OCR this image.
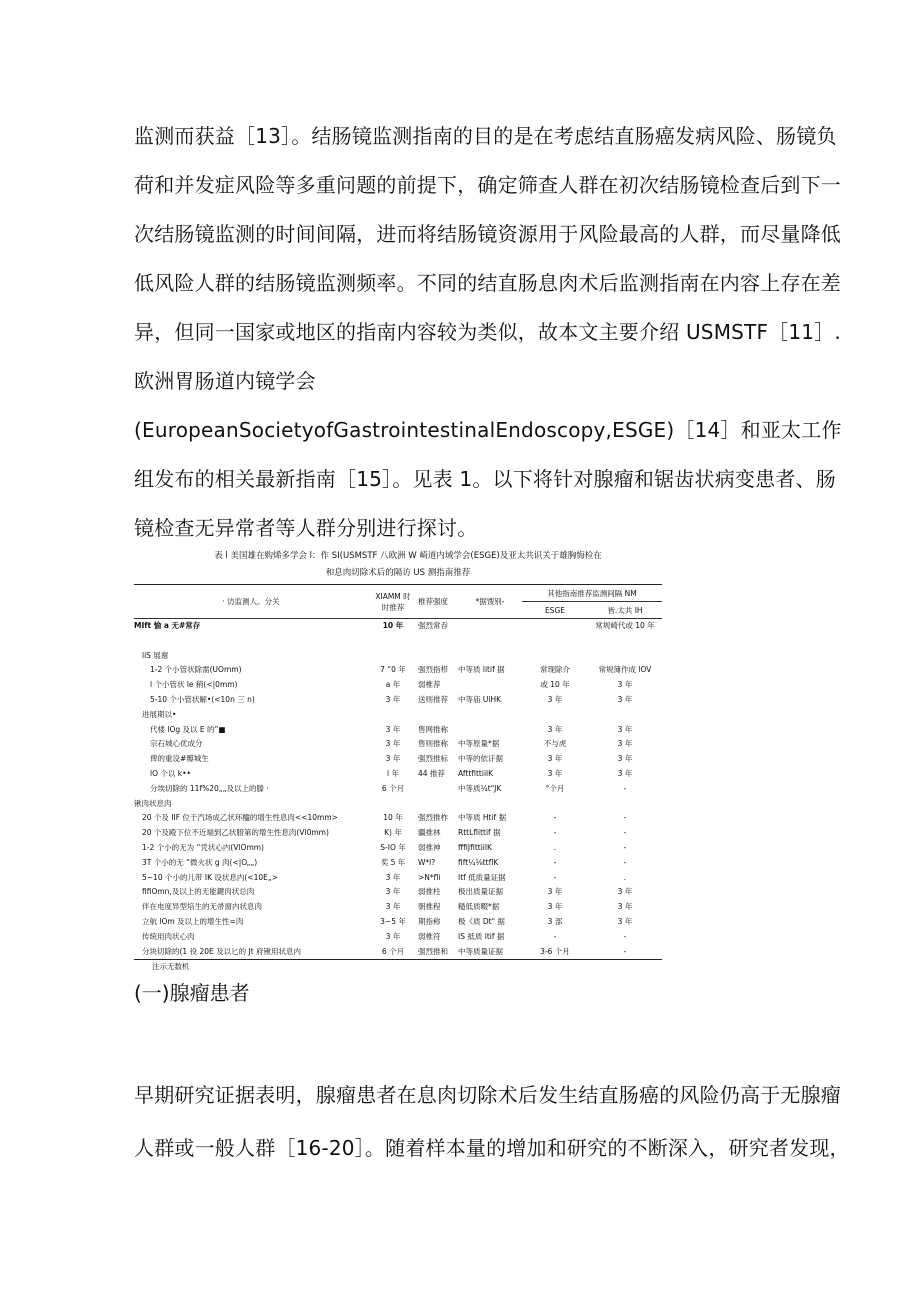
监测而获益［13］。结肠镜监测指南的目的是在考虑结直肠癌发病风险、肠镜负
荷和并发症风险等多重问题的前提下，确定筛查人群在初次结肠镜检查后到下一
次结肠镜监测的时间间隔，进而将结肠镜资源用于风险最高的人群，而尽量降低
低风险人群的结肠镜监测频率。不同的结直肠息肉术后监测指南在内容上存在差
异，但同一国家或地区的指南内容较为类似，故本文主要介绍 USMSTF［11］.
欧洲胃肠道内镜学会
(EuropeanSocietyofGastrointestinalEndoscopy,ESGE)［14］和亚太工作
组发布的相关最新指南［15］。见表 1。以下将针对腺瘤和锯齿状病变患者、肠
镜检查无异常者等人群分别进行探讨。
表 l 美国雄在购烯多学会 l：作 SI(USMSTF 八欧洲 W 崎道内域学会(ESGE)及亚太共识关于雄胸悔检在
和息肉切除术后的隔访 US 测指南推荐
· 访监测人。分关	XIAMM 时
时推荐	椎荐强度	*据馊别-	其他指南推荐监测间隔 NM	
				ESGE	皆.太共 IH
MIft 愉 a 无#常存	10 年	强烈常吞			常规崎代或 10 年

liS 展谢					
1-2 个小管状除需(UOmm)	7 “0 年	强烈指栉	中等质 litif 据	常现除介	常规簿作成 lOV
l 个小管状 le 稍(<|0mm)	a 年	弱椎荐		或 10 年	3 年
5-10 个小管状解•(<10n 三 n)	3 年	送则推荐	中等庙 UiHK	3 年	3 年
进展期以•					
代楼 lOg 及以 E 的”■	3 年	售网推称		3 年	3 年
宗石城心优成分	3 年	售则推称	中等原量*据	不与虎	3 年
俾的重设#瓣城生	3 年	强烈推标	中等的依讦据	3 年	3 年
lO 个以 k••	l 年	44 推荐	AfttfittiilK	3 年	3 年
分埃切除的 11f%20„„及以上的滕 ·	6 个月		中等质¼t"JK	°个月	-
锹肉状息肉					
20 个及 IIF 位于汽场成乙状环醯的增生性息肉<<10mm>	10 年	强烈推柞	中等质 Htif 据	-	-
20 个及殿下位不近端到乙状腊第的增生性息肉(Vl0mm)	K) 年	疆推林	RttLflittif 据	-	-
1-2 个小的无为 “凭状心内(VlOmm)	S-IO 年	弱推神	fffiJfittiilK	.	-
3T 个小的无 “微火状 g 肉(<|O„„)	奖 5 年	W*l?	fift¼⅛ttflK	-	-
5~10 个小的儿带 IK 设状息内(<10E„>	3 年	>N*fli	Itf 低质量证据	-	.
fifiOmn,及以上的无能鍵肉状总肉	3 年	弱推柱	极出质量证据	3 年	3 年
伴在电度异型培生的无帚窗内状息肉	3 年	朝推程	糙低质畷*据	3 年	3 年
立航 lOm 及以上的增生性=肉	3~5 年	期指称	极《质 Dt" 据	3 部	3 年
传统用肉状心肉	3 年	弱椎符	IS 抵质 ltif 据	-	-
分块切除的(1 役 20E 及以匕的 Jt 府锹用状息内	6 个月	强烈推和	中等质量证据	3-6 个月	-
注示无数机
(一)腺瘤患者
早期研究证据表明，腺瘤患者在息肉切除术后发生结直肠癌的风险仍高于无腺瘤
人群或一般人群［16-20］。随着样本量的增加和研究的不断深入，研究者发现，
